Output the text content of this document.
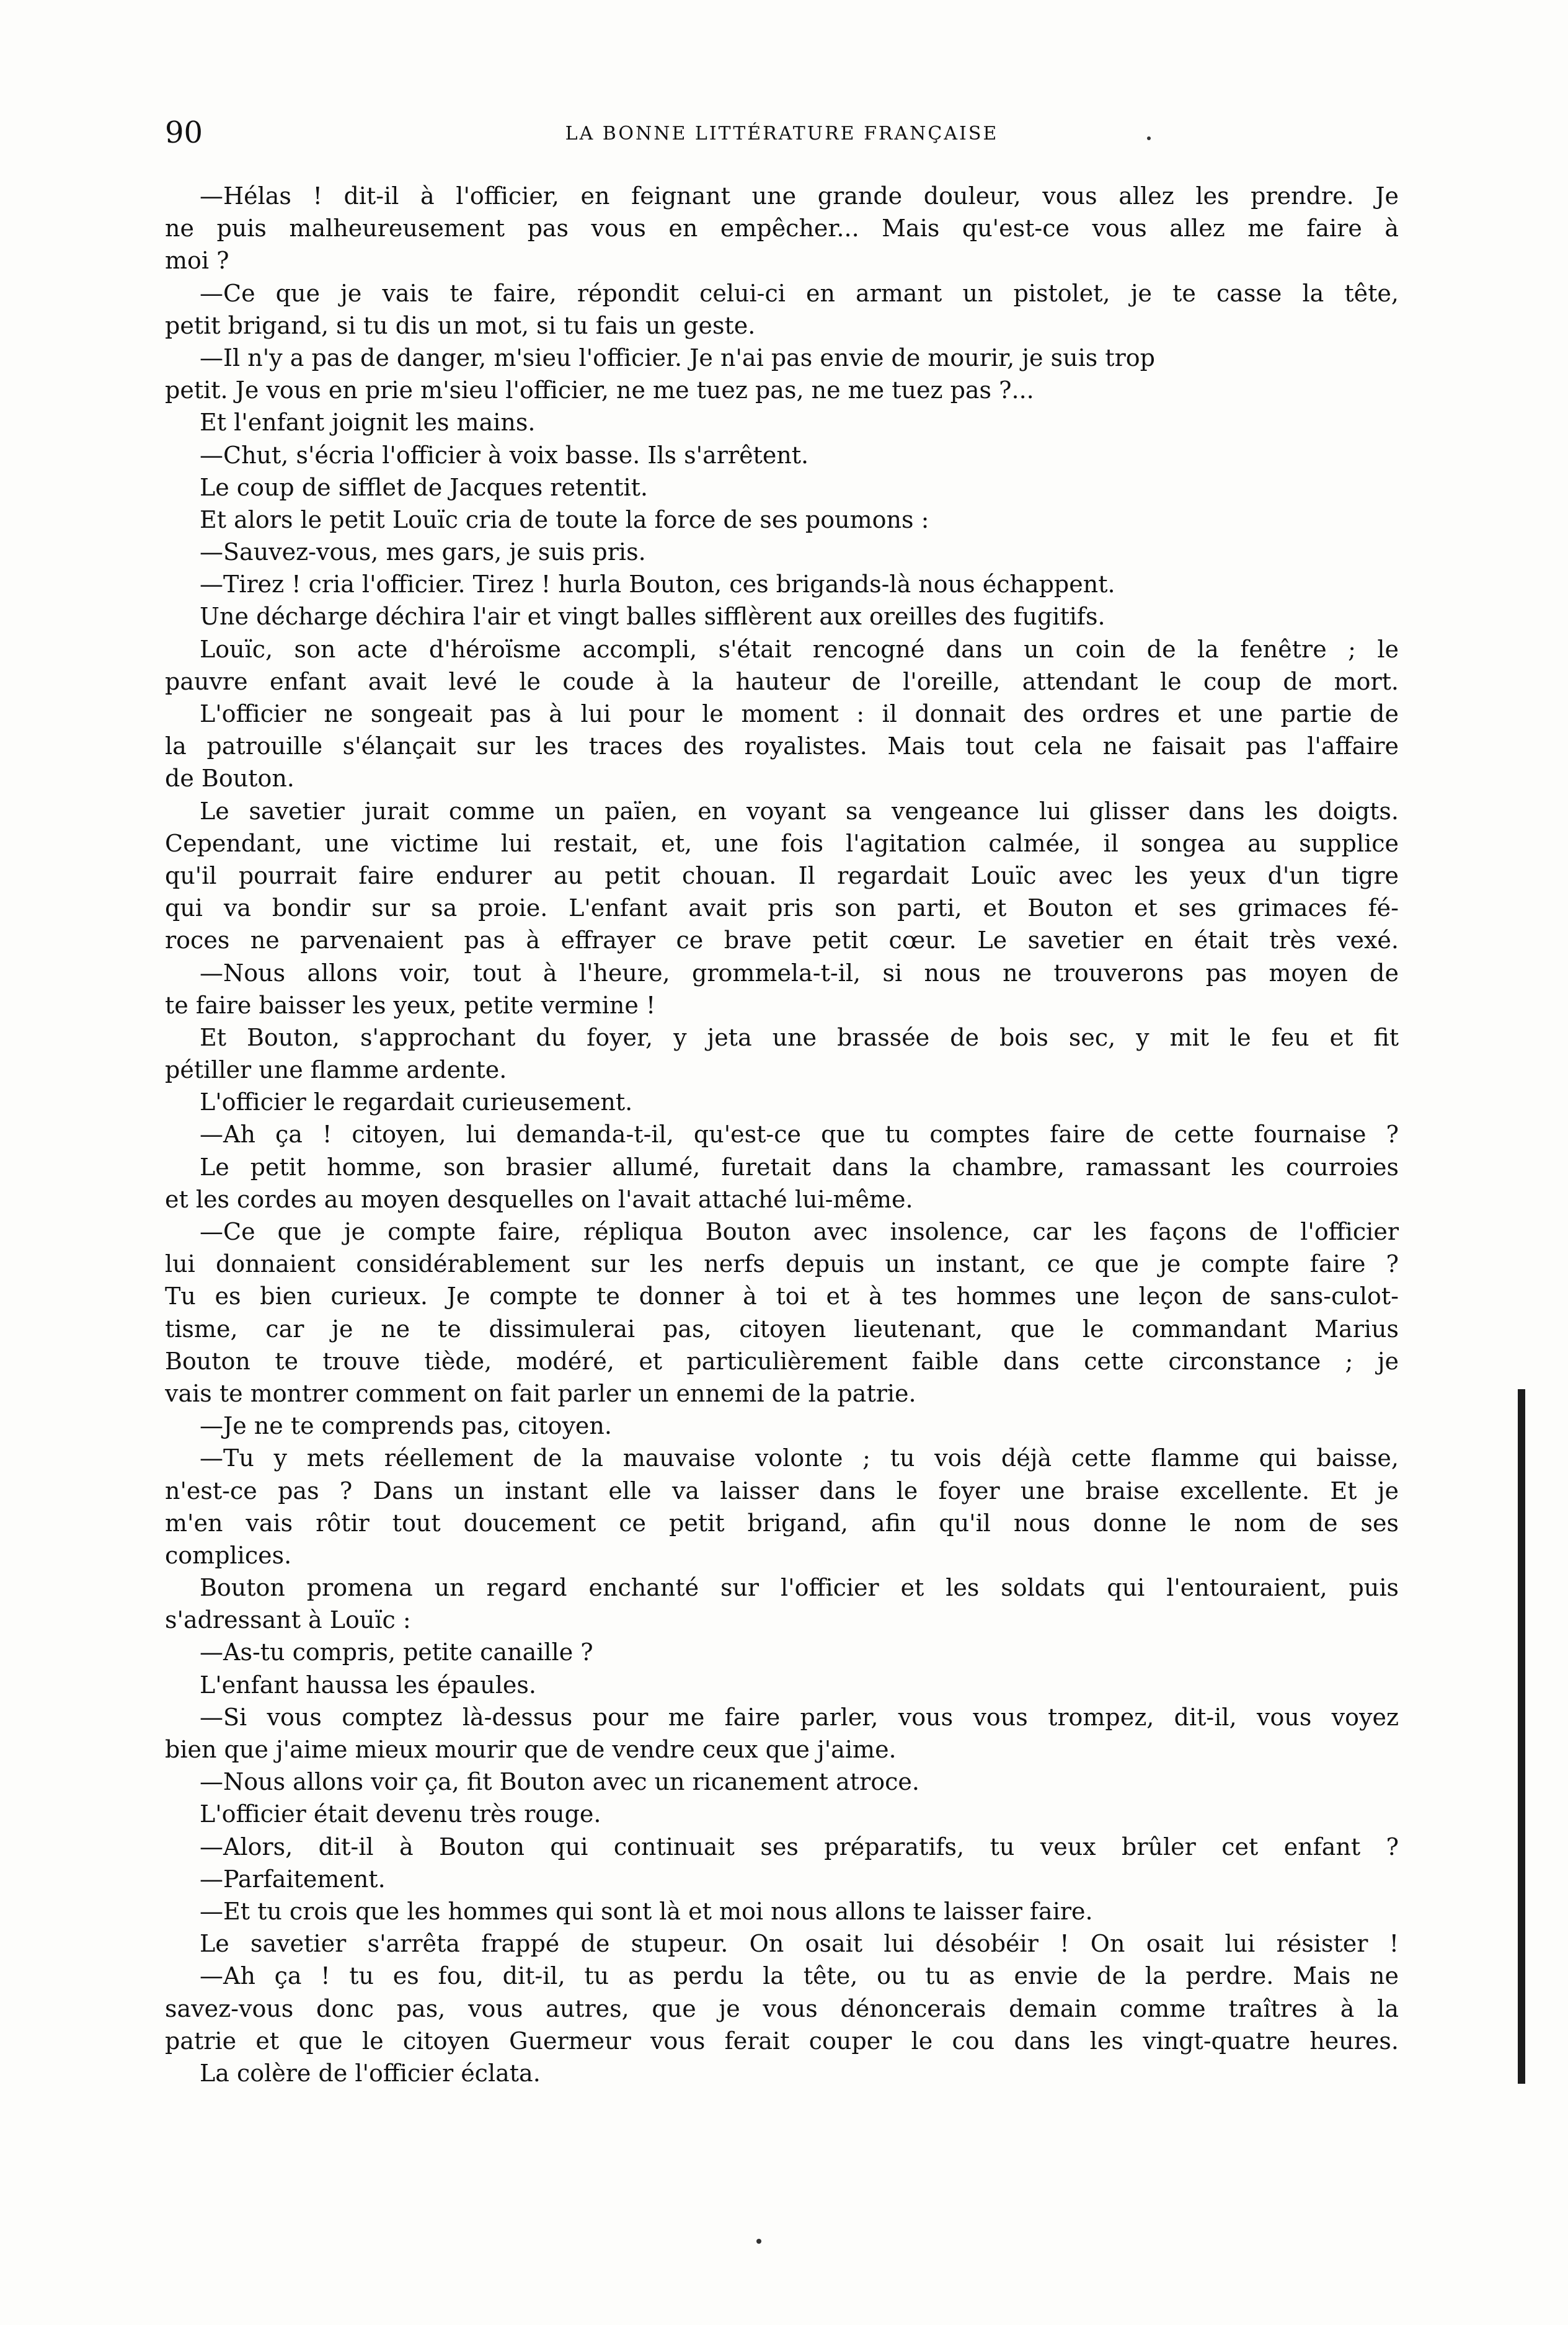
90	LA BONNE LITTÉRATURE FRANÇAISE
—Hélas ! dit-il à l'officier, en feignant une grande douleur, vous allez les prendre. Je
ne puis malheureusement pas vous en empêcher... Mais qu'est-ce vous allez me faire à
moi ?
—Ce que je vais te faire, répondit celui-ci en armant un pistolet, je te casse la tête,
petit brigand, si tu dis un mot, si tu fais un geste.
—Il n'y a pas de danger, m'sieu l'officier. Je n'ai pas envie de mourir, je suis trop
petit. Je vous en prie m'sieu l'officier, ne me tuez pas, ne me tuez pas ?...
Et l'enfant joignit les mains.
—Chut, s'écria l'officier à voix basse. Ils s'arrêtent.
Le coup de sifflet de Jacques retentit.
Et alors le petit Louïc cria de toute la force de ses poumons :
—Sauvez-vous, mes gars, je suis pris.
—Tirez ! cria l'officier. Tirez ! hurla Bouton, ces brigands-là nous échappent.
Une décharge déchira l'air et vingt balles sifflèrent aux oreilles des fugitifs.
Louïc, son acte d'héroïsme accompli, s'était rencogné dans un coin de la fenêtre ; le
pauvre enfant avait levé le coude à la hauteur de l'oreille, attendant le coup de mort.
L'officier ne songeait pas à lui pour le moment : il donnait des ordres et une partie de
la patrouille s'élançait sur les traces des royalistes. Mais tout cela ne faisait pas l'affaire
de Bouton.
Le savetier jurait comme un païen, en voyant sa vengeance lui glisser dans les doigts.
Cependant, une victime lui restait, et, une fois l'agitation calmée, il songea au supplice
qu'il pourrait faire endurer au petit chouan. Il regardait Louïc avec les yeux d'un tigre
qui va bondir sur sa proie. L'enfant avait pris son parti, et Bouton et ses grimaces fé-
roces ne parvenaient pas à effrayer ce brave petit cœur. Le savetier en était très vexé.
—Nous allons voir, tout à l'heure, grommela-t-il, si nous ne trouverons pas moyen de
te faire baisser les yeux, petite vermine !
Et Bouton, s'approchant du foyer, y jeta une brassée de bois sec, y mit le feu et fit
pétiller une flamme ardente.
L'officier le regardait curieusement.
—Ah ça ! citoyen, lui demanda-t-il, qu'est-ce que tu comptes faire de cette fournaise ?
Le petit homme, son brasier allumé, furetait dans la chambre, ramassant les courroies
et les cordes au moyen desquelles on l'avait attaché lui-même.
—Ce que je compte faire, répliqua Bouton avec insolence, car les façons de l'officier
lui donnaient considérablement sur les nerfs depuis un instant, ce que je compte faire ?
Tu es bien curieux. Je compte te donner à toi et à tes hommes une leçon de sans-culot-
tisme, car je ne te dissimulerai pas, citoyen lieutenant, que le commandant Marius
Bouton te trouve tiède, modéré, et particulièrement faible dans cette circonstance ; je
vais te montrer comment on fait parler un ennemi de la patrie.
—Je ne te comprends pas, citoyen.
—Tu y mets réellement de la mauvaise volonte ; tu vois déjà cette flamme qui baisse,
n'est-ce pas ? Dans un instant elle va laisser dans le foyer une braise excellente. Et je
m'en vais rôtir tout doucement ce petit brigand, afin qu'il nous donne le nom de ses
complices.
Bouton promena un regard enchanté sur l'officier et les soldats qui l'entouraient, puis
s'adressant à Louïc :
—As-tu compris, petite canaille ?
L'enfant haussa les épaules.
—Si vous comptez là-dessus pour me faire parler, vous vous trompez, dit-il, vous voyez
bien que j'aime mieux mourir que de vendre ceux que j'aime.
—Nous allons voir ça, fit Bouton avec un ricanement atroce.
L'officier était devenu très rouge.
—Alors, dit-il à Bouton qui continuait ses préparatifs, tu veux brûler cet enfant ?
—Parfaitement.
—Et tu crois que les hommes qui sont là et moi nous allons te laisser faire.
Le savetier s'arrêta frappé de stupeur. On osait lui désobéir ! On osait lui résister !
—Ah ça ! tu es fou, dit-il, tu as perdu la tête, ou tu as envie de la perdre. Mais ne
savez-vous donc pas, vous autres, que je vous dénoncerais demain comme traîtres à la
patrie et que le citoyen Guermeur vous ferait couper le cou dans les vingt-quatre heures.
La colère de l'officier éclata.
